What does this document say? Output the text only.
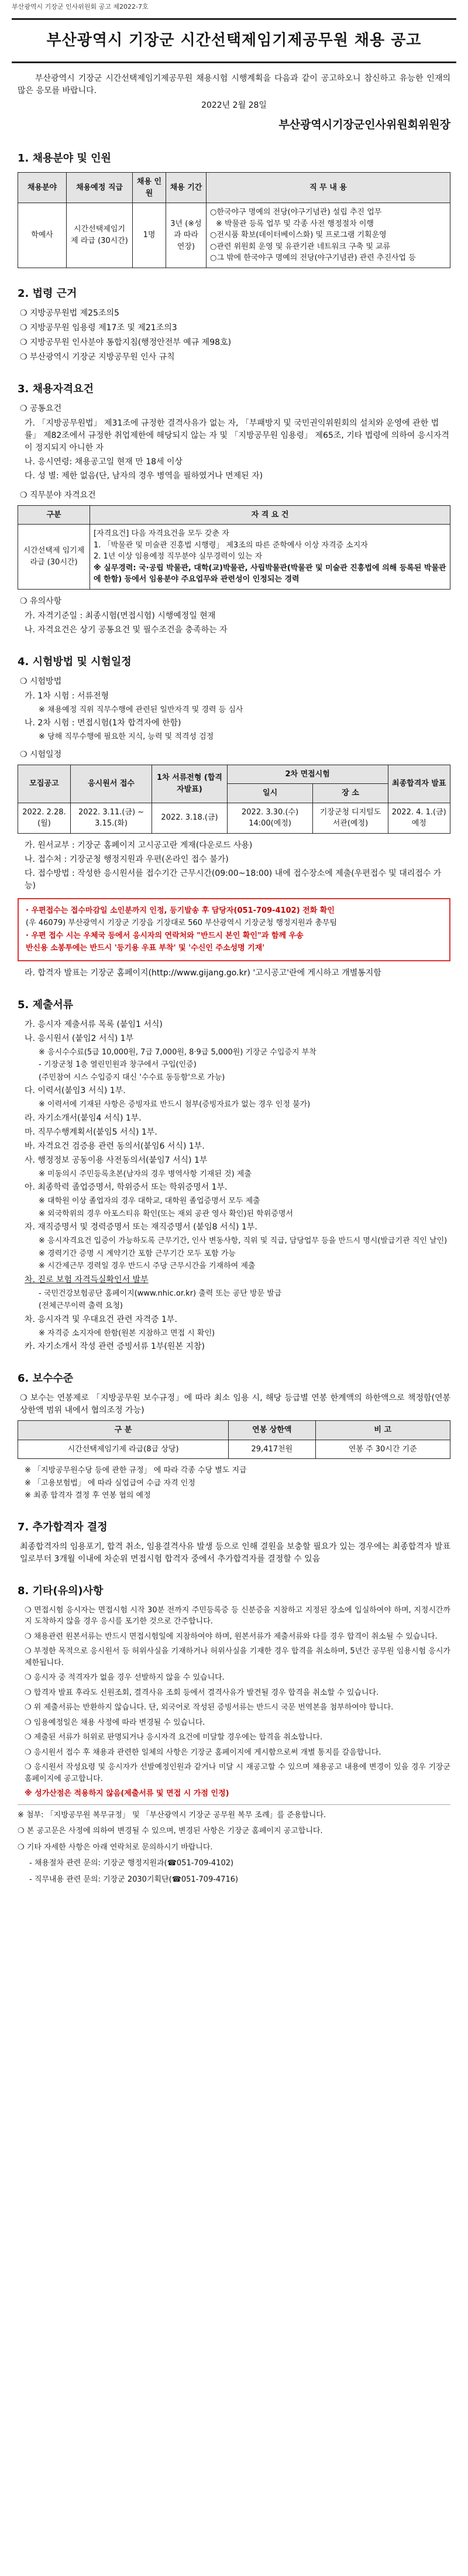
부산광역시 기장군 인사위원회 공고 제2022-7호
부산광역시 기장군 시간선택제임기제공무원 채용 공고
부산광역시 기장군 시간선택제임기제공무원 채용시험 시행계획을 다음과 같이 공고하오니 참신하고 유능한 인재의 많은 응모를 바랍니다.
2022년 2월 28일
부산광역시기장군인사위원회위원장
1. 채용분야 및 인원
채용분야	채용예정 직급	채용 인원	채용 기간	직 무 내 용
학예사	시간선택제임기제 라급 (30시간)	1명	3년 (※성과 따라 연장)	○한국야구 명예의 전당(야구기념관) 설립 추진 업무
※ 박물관 등록 업무 및 각종 사전 행정절차 이행
○전시품 확보(데이터베이스화) 및 프로그램 기획운영
○관련 위원회 운영 및 유관기관 네트워크 구축 및 교류
○그 밖에 한국야구 명예의 전당(야구기념관) 관련 추진사업 등
2. 법령 근거
❍ 지방공무원법 제25조의5
❍ 지방공무원 임용령 제17조 및 제21조의3
❍ 지방공무원 인사분야 통합지침(행정안전부 예규 제98호)
❍ 부산광역시 기장군 지방공무원 인사 규칙
3. 채용자격요건
❍ 공통요건
가. 「지방공무원법」 제31조에 규정한 결격사유가 없는 자, 「부패방지 및 국민권익위원회의 설치와 운영에 관한 법률」 제82조에서 규정한 취업제한에 해당되지 않는 자 및 「지방공무원 임용령」 제65조, 기타 법령에 의하여 응시자격이 정지되지 아니한 자
나. 응시연령: 채용공고일 현재 만 18세 이상
다. 성 별: 제한 없음(단, 남자의 경우 병역을 필하였거나 면제된 자)
❍ 직무분야 자격요건
구분	자 격 요 건
시간선택제 임기제 라급 (30시간)	[자격요건] 다음 자격요건을 모두 갖춘 자
1. 「박물관 및 미술관 진흥법 시행령」 제3조의 따른 준학예사 이상 자격증 소지자
2. 1년 이상 임용예정 직무분야 실무경력이 있는 자
※ 실무경력: 국·공립 박물관, 대학(교)박물관, 사립박물관(박물관 및 미술관 진흥법에 의해 등록된 박물관에 한함) 등에서 임용분야 주요업무와 관련성이 인정되는 경력
❍ 유의사항
가. 자격기준일 : 최종시험(면접시험) 시행예정일 현재
나. 자격요건은 상기 공통요건 및 필수조건을 충족하는 자
4. 시험방법 및 시험일정
❍ 시험방법
가. 1차 시험 : 서류전형
※ 채용예정 직위 직무수행에 관련된 일반자격 및 경력 등 심사
나. 2차 시험 : 면접시험(1차 합격자에 한함)
※ 당해 직무수행에 필요한 지식, 능력 및 적격성 검정
❍ 시험일정
모집공고	응시원서 접수	1차 서류전형 (합격자발표)	2차 면접시험		최종합격자 발표
			일시	장 소	
2022. 2.28.(월)	2022. 3.11.(금) ~ 3.15.(화)	2022. 3.18.(금)	2022. 3.30.(수) 14:00(예정)	기장군청 디지털도서관(예정)	2022. 4. 1.(금) 예정
가. 원서교부 : 기장군 홈페이지 고시공고란 게재(다운로드 사용)
나. 접수처 : 기장군청 행정지원과 우편(온라인 접수 불가)
다. 접수방법 : 작성한 응시원서를 접수기간 근무시간(09:00~18:00) 내에 접수장소에 제출(우편접수 및 대리접수 가능)
· 우편접수는 접수마감일 소인분까지 인정, 등기발송 후 담당자(051-709-4102) 전화 확인
(우 46079) 부산광역시 기장군 기장읍 기장대로 560 부산광역시 기장군청 행정지원과 총무팀
· 우편 접수 시는 우체국 등에서 응시자의 연락처와 "반드시 본인 확인"과 함께 우송
반신용 소봉투에는 반드시 '등기용 우표 부착' 및 '수신인 주소성명 기재'
라. 합격자 발표는 기장군 홈페이지(http://www.gijang.go.kr) '고시공고'란에 게시하고 개별통지함
5. 제출서류
가. 응시자 제출서류 목록 (붙임1 서식)
나. 응시원서 (붙임2 서식) 1부
※ 응시수수료(5급 10,000원, 7급 7,000원, 8·9급 5,000원) 기장군 수입증지 부착
- 기장군청 1층 열린민원과 창구에서 구입(인증)
(주민참여 시스 수입증지 대신 '수수료 동등함'으로 가능)
다. 이력서(붙임3 서식) 1부.
※ 이력서에 기재된 사항은 증빙자료 반드시 첨부(증빙자료가 없는 경우 인정 불가)
라. 자기소개서(붙임4 서식) 1부.
마. 직무수행계획서(붙임5 서식) 1부.
바. 자격요건 검증용 관련 동의서(붙임6 서식) 1부.
사. 행정정보 공동이용 사전동의서(붙임7 서식) 1부
※ 미동의시 주민등록초본(남자의 경우 병역사항 기재된 것) 제출
아. 최종학력 졸업증명서, 학위증서 또는 학위증명서 1부.
※ 대학원 이상 졸업자의 경우 대학교, 대학원 졸업증명서 모두 제출
※ 외국학위의 경우 아포스티유 확인(또는 재외 공관 영사 확인)된 학위증명서
자. 재직증명서 및 경력증명서 또는 재직증명서 (붙임8 서식) 1부.
※ 응시자격요건 입증이 가능하도록 근무기간, 인사 변동사항, 직위 및 직급, 담당업무 등을 반드시 명시(발급기관 직인 날인)
※ 경력기간 증명 시 계약기간 포함 근무기간 모두 포함 가능
※ 시간제근무 경력일 경우 반드시 주당 근무시간을 기재하여 제출
차. 진로 보험 자격득실확인서 발부
- 국민건강보험공단 홈페이지(www.nhic.or.kr) 출력 또는 공단 방문 발급
(전체근무이력 출력 요청)
차. 응시자격 및 우대요건 관련 자격증 1부.
※ 자격증 소지자에 한함(원본 지참하고 면접 시 확인)
카. 자기소개서 작성 관련 증빙서류 1부(원본 지참)
6. 보수수준
❍ 보수는 연봉제로 「지방공무원 보수규정」에 따라 최소 임용 시, 해당 등급별 연봉 한계액의 하한액으로 책정함(연봉 상한액 범위 내에서 협의조정 가능)
구 분	연봉 상한액	비 고
시간선택제임기제 라급(8급 상당)	29,417천원	연봉 주 30시간 기준
※ 「지방공무원수당 등에 관한 규정」 에 따라 각종 수당 별도 지급
※ 「고용보험법」 에 따라 실업급여 수급 자격 인정
※ 최종 합격자 결정 후 연봉 협의 예정
7. 추가합격자 결정
최종합격자의 임용포기, 합격 취소, 임용결격사유 발생 등으로 인해 결원을 보충할 필요가 있는 경우에는 최종합격자 발표일로부터 3개월 이내에 차순위 면접시험 합격자 중에서 추가합격자를 결정할 수 있음
8. 기타(유의)사항
❍ 면접시험 응시자는 면접시험 시작 30분 전까지 주민등록증 등 신분증을 지참하고 지정된 장소에 입실하여야 하며, 지정시간까지 도착하지 않을 경우 응시를 포기한 것으로 간주합니다.
❍ 채용관련 원본서류는 반드시 면접시험일에 지참하여야 하며, 원본서류가 제출서류와 다를 경우 합격이 취소될 수 있습니다.
❍ 부정한 목적으로 응시원서 등 허위사실을 기재하거나 허위사실을 기재한 경우 합격을 취소하며, 5년간 공무원 임용시험 응시가 제한됩니다.
❍ 응시자 중 적격자가 없을 경우 선발하지 않을 수 있습니다.
❍ 합격자 발표 후라도 신원조회, 결격사유 조회 등에서 결격사유가 발견될 경우 합격을 취소할 수 있습니다.
❍ 위 제출서류는 반환하지 않습니다. 단, 외국어로 작성된 증빙서류는 반드시 국문 번역본을 첨부하여야 합니다.
❍ 임용예정일은 채용 사정에 따라 변경될 수 있습니다.
❍ 제출된 서류가 허위로 판명되거나 응시자격 요건에 미달할 경우에는 합격을 취소합니다.
❍ 응시원서 접수 후 채용과 관련한 일체의 사항은 기장군 홈페이지에 게시함으로써 개별 통지를 갈음합니다.
❍ 응시원서 작성요령 및 응시자가 선발예정인원과 같거나 미달 시 재공고할 수 있으며 채용공고 내용에 변경이 있을 경우 기장군 홈페이지에 공고합니다.
※ 성가산점은 적용하지 않음(제출서류 및 면접 시 가점 인정)
※ 첨부: 「지방공무원 복무규정」 및 「부산광역시 기장군 공무원 복무 조례」를 준용합니다.
❍ 본 공고문은 사정에 의하여 변경될 수 있으며, 변경된 사항은 기장군 홈페이지 공고합니다.
❍ 기타 자세한 사항은 아래 연락처로 문의하시기 바랍니다.
- 채용절차 관련 문의: 기장군 행정지원과(☎051-709-4102)
- 직무내용 관련 문의: 기장군 2030기획단(☎051-709-4716)
